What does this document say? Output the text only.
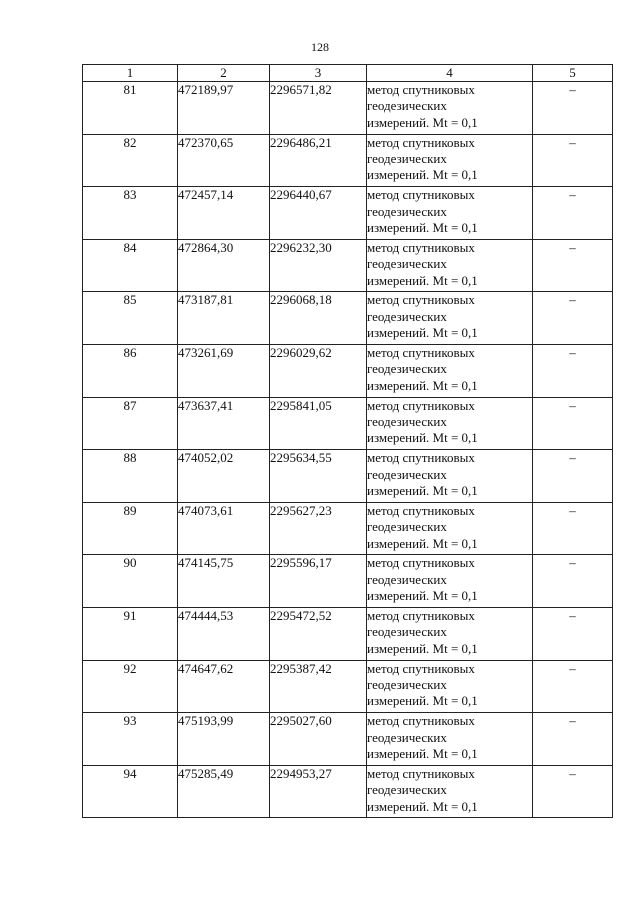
128
1	2	3	4	5
81	472189,97	2296571,82	метод спутниковых
геодезических
измерений. Mt = 0,1	–
82	472370,65	2296486,21	метод спутниковых
геодезических
измерений. Mt = 0,1	–
83	472457,14	2296440,67	метод спутниковых
геодезических
измерений. Mt = 0,1	–
84	472864,30	2296232,30	метод спутниковых
геодезических
измерений. Mt = 0,1	–
85	473187,81	2296068,18	метод спутниковых
геодезических
измерений. Mt = 0,1	–
86	473261,69	2296029,62	метод спутниковых
геодезических
измерений. Mt = 0,1	–
87	473637,41	2295841,05	метод спутниковых
геодезических
измерений. Mt = 0,1	–
88	474052,02	2295634,55	метод спутниковых
геодезических
измерений. Mt = 0,1	–
89	474073,61	2295627,23	метод спутниковых
геодезических
измерений. Mt = 0,1	–
90	474145,75	2295596,17	метод спутниковых
геодезических
измерений. Mt = 0,1	–
91	474444,53	2295472,52	метод спутниковых
геодезических
измерений. Mt = 0,1	–
92	474647,62	2295387,42	метод спутниковых
геодезических
измерений. Mt = 0,1	–
93	475193,99	2295027,60	метод спутниковых
геодезических
измерений. Mt = 0,1	–
94	475285,49	2294953,27	метод спутниковых
геодезических
измерений. Mt = 0,1	–
